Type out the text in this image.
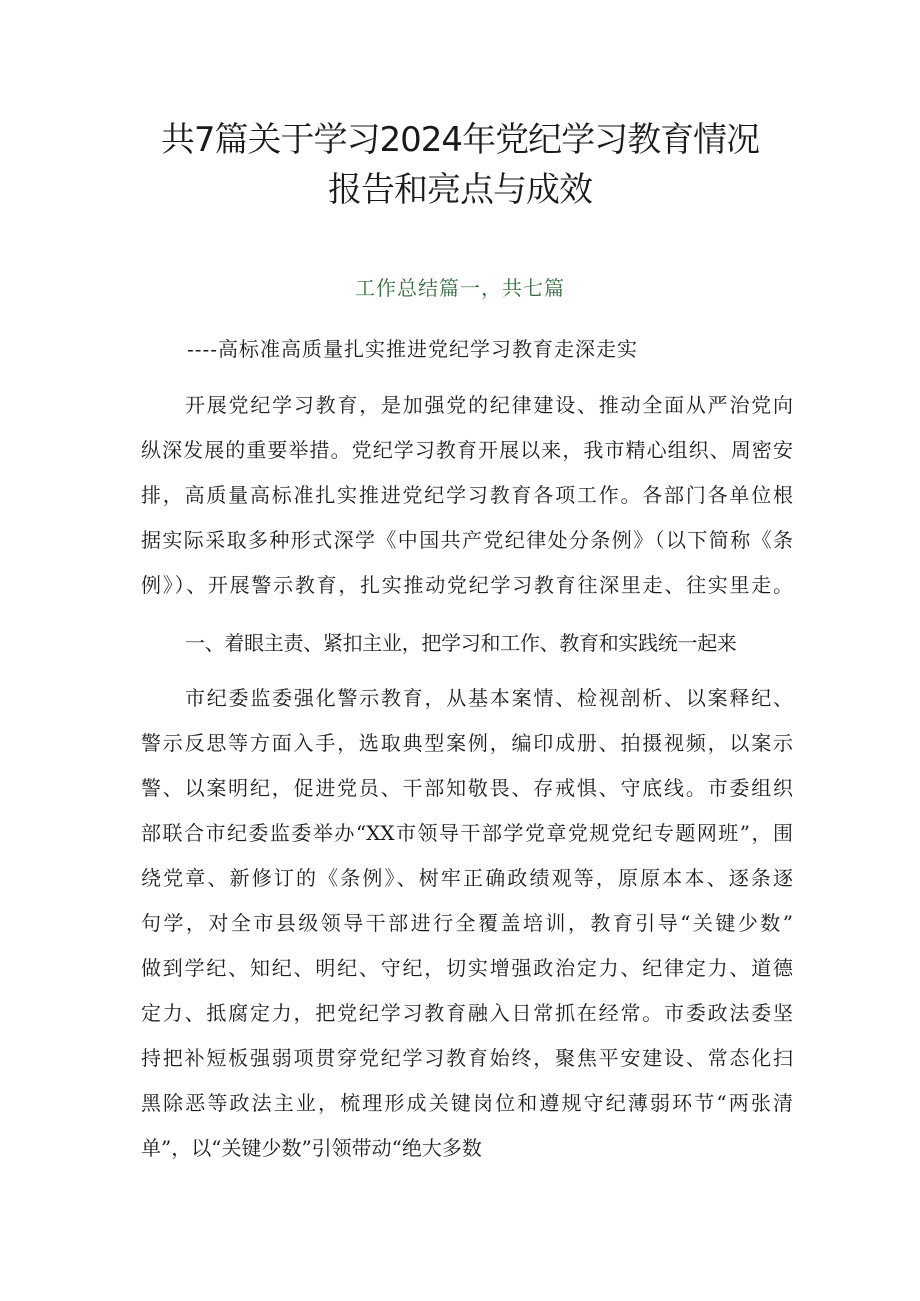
共7篇关于学习2024年党纪学习教育情况
报告和亮点与成效
工作总结篇一，共七篇
----高标准高质量扎实推进党纪学习教育走深走实
开展党纪学习教育，是加强党的纪律建设、推动全面从严治党向
纵深发展的重要举措。党纪学习教育开展以来，我市精心组织、周密安
排，高质量高标准扎实推进党纪学习教育各项工作。各部门各单位根
据实际采取多种形式深学《中国共产党纪律处分条例》（以下简称《条
例》）、开展警示教育，扎实推动党纪学习教育往深里走、往实里走。
一、着眼主责、紧扣主业，把学习和工作、教育和实践统一起来
市纪委监委强化警示教育，从基本案情、检视剖析、以案释纪、
警示反思等方面入手，选取典型案例，编印成册、拍摄视频，以案示
警、以案明纪，促进党员、干部知敬畏、存戒惧、守底线。市委组织
部联合市纪委监委举办“XX市领导干部学党章党规党纪专题网班”，围
绕党章、新修订的《条例》、树牢正确政绩观等，原原本本、逐条逐
句学，对全市县级领导干部进行全覆盖培训，教育引导“关键少数”
做到学纪、知纪、明纪、守纪，切实增强政治定力、纪律定力、道德
定力、抵腐定力，把党纪学习教育融入日常抓在经常。市委政法委坚
持把补短板强弱项贯穿党纪学习教育始终，聚焦平安建设、常态化扫
黑除恶等政法主业，梳理形成关键岗位和遵规守纪薄弱环节“两张清
单”，以“关键少数”引领带动“绝大多数
